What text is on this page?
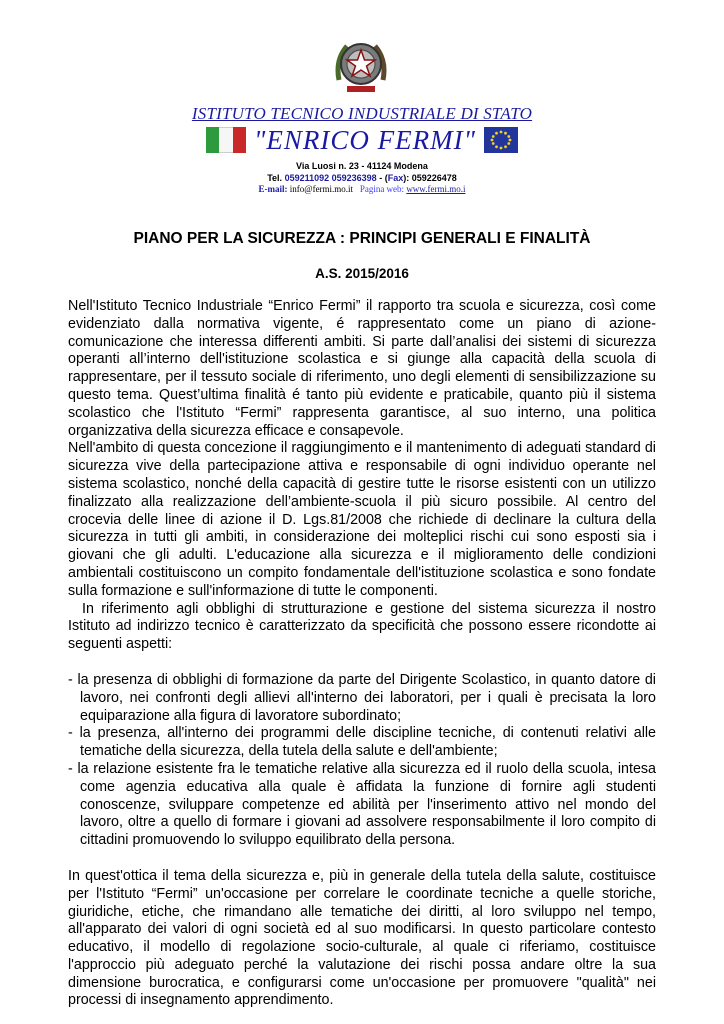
ISTITUTO TECNICO INDUSTRIALE DI STATO
"ENRICO FERMI"
Via Luosi n. 23 - 41124 Modena
Tel. 059211092 059236398 - (Fax): 059226478
E-mail: info@fermi.mo.it Pagina web: www.fermi.mo.i
PIANO PER LA SICUREZZA : PRINCIPI GENERALI E FINALITÀ
A.S. 2015/2016

Nell'Istituto Tecnico Industriale “Enrico Fermi” il rapporto tra scuola e sicurezza, così come evidenziato dalla normativa vigente, é rappresentato come un piano di azione-comunicazione che interessa differenti ambiti. Si parte dall’analisi dei sistemi di sicurezza operanti all’interno dell'istituzione scolastica e si giunge alla capacità della scuola di rappresentare, per il tessuto sociale di riferimento, uno degli elementi di sensibilizzazione su questo tema. Quest’ultima finalità é tanto più evidente e praticabile, quanto più il sistema scolastico che l'Istituto “Fermi” rappresenta garantisce, al suo interno, una politica organizzativa della sicurezza efficace e consapevole.

Nell'ambito di questa concezione il raggiungimento e il mantenimento di adeguati standard di sicurezza vive della partecipazione attiva e responsabile di ogni individuo operante nel sistema scolastico, nonché della capacità di gestire tutte le risorse esistenti con un utilizzo finalizzato alla realizzazione dell’ambiente-scuola il più sicuro possibile. Al centro del crocevia delle linee di azione il D. Lgs.81/2008 che richiede di declinare la cultura della sicurezza in tutti gli ambiti, in considerazione dei molteplici rischi cui sono esposti sia i giovani che gli adulti. L'educazione alla sicurezza e il miglioramento delle condizioni ambientali costituiscono un compito fondamentale dell'istituzione scolastica e sono fondate sulla formazione e sull'informazione di tutte le componenti.

In riferimento agli obblighi di strutturazione e gestione del sistema sicurezza il nostro Istituto ad indirizzo tecnico è caratterizzato da specificità che possono essere ricondotte ai seguenti aspetti:

- la presenza di obblighi di formazione da parte del Dirigente Scolastico, in quanto datore di lavoro, nei confronti degli allievi all'interno dei laboratori, per i quali è precisata la loro equiparazione alla figura di lavoratore subordinato;
- la presenza, all'interno dei programmi delle discipline tecniche, di contenuti relativi alle tematiche della sicurezza, della tutela della salute e dell'ambiente;
- la relazione esistente fra le tematiche relative alla sicurezza ed il ruolo della scuola, intesa come agenzia educativa alla quale è affidata la funzione di fornire agli studenti conoscenze, sviluppare competenze ed abilità per l'inserimento attivo nel mondo del lavoro, oltre a quello di formare i giovani ad assolvere responsabilmente il loro compito di cittadini promuovendo lo sviluppo equilibrato della persona.

In quest'ottica il tema della sicurezza e, più in generale della tutela della salute, costituisce per l'Istituto “Fermi” un'occasione per correlare le coordinate tecniche a quelle storiche, giuridiche, etiche, che rimandano alle tematiche dei diritti, al loro sviluppo nel tempo, all'apparato dei valori di ogni società ed al suo modificarsi. In questo particolare contesto educativo, il modello di regolazione socio-culturale, al quale ci riferiamo, costituisce l'approccio più adeguato perché la valutazione dei rischi possa andare oltre la sua dimensione burocratica, e configurarsi come un'occasione per promuovere "qualità" nei processi di insegnamento apprendimento.
